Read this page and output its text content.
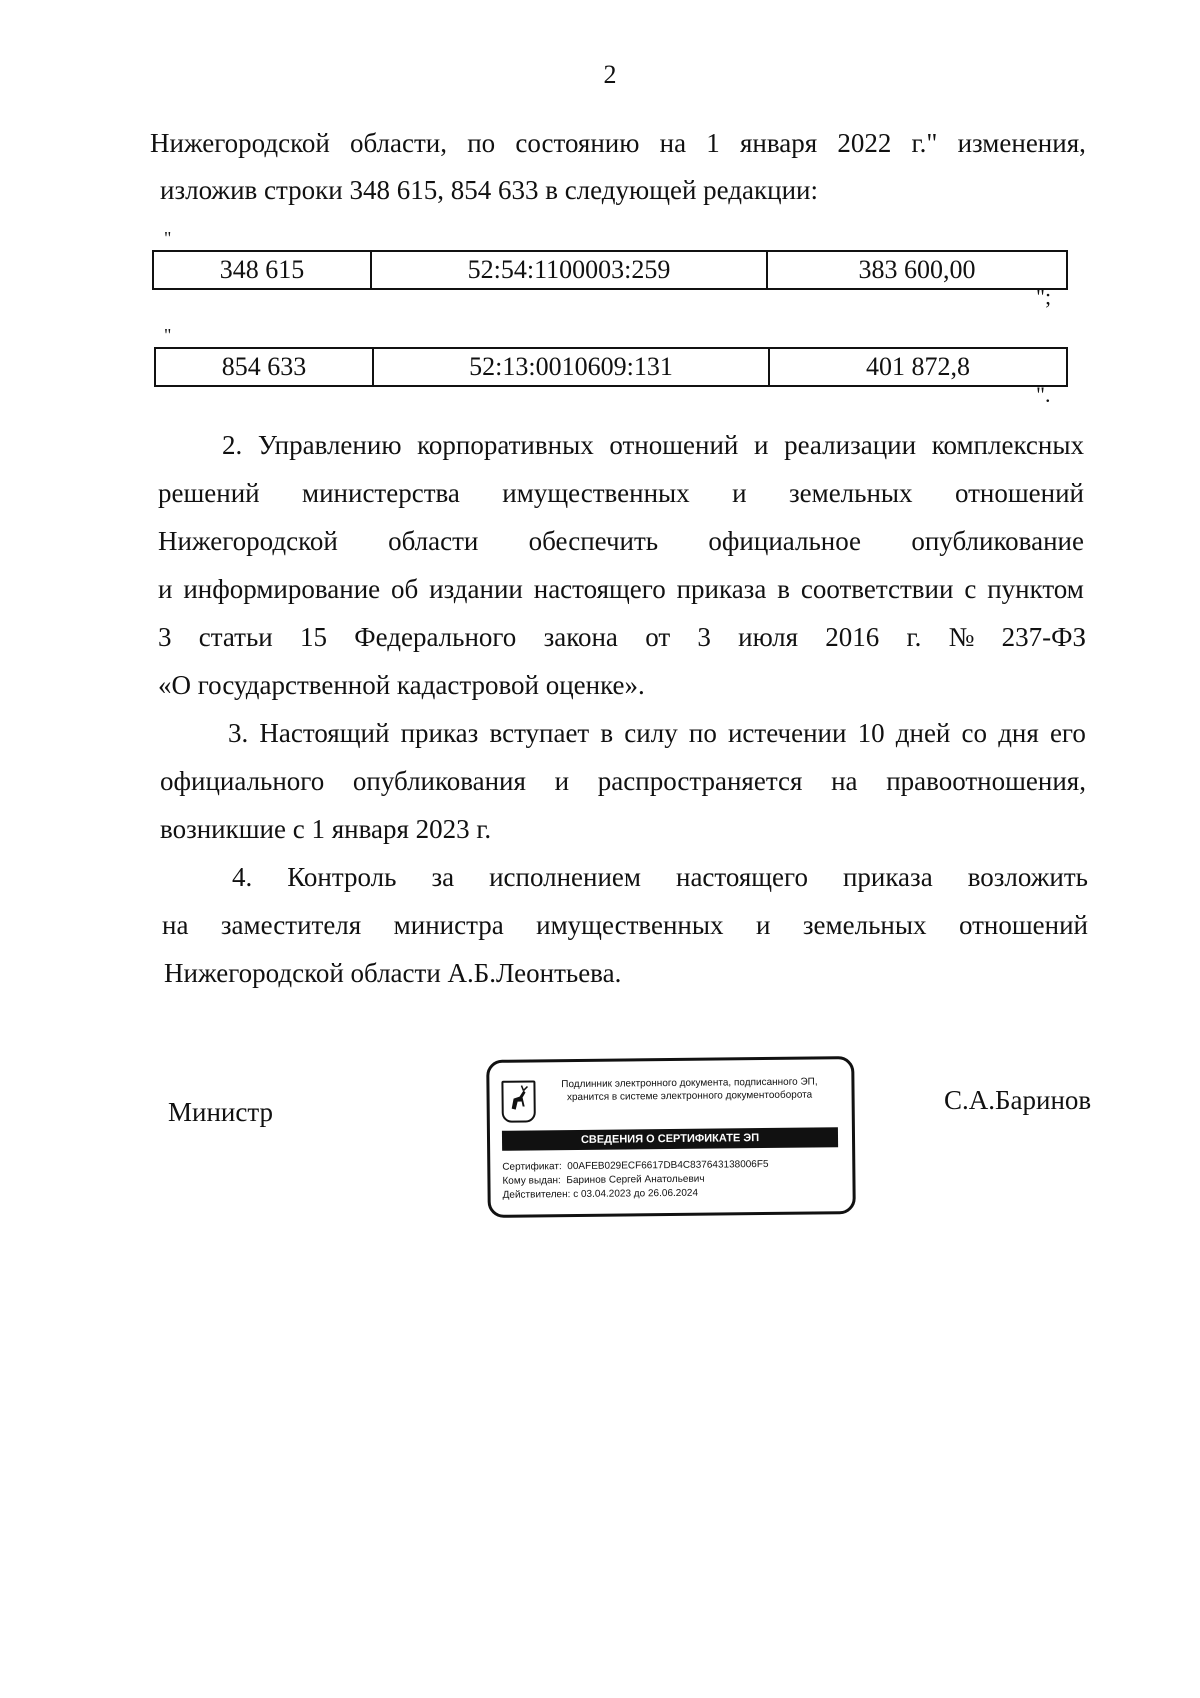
2
Нижегородской области, по состоянию на 1 января 2022 г." изменения,
изложив строки 348 615, 854 633 в следующей редакции:
"
348 615	52:54:1100003:259	383 600,00
";
"
854 633	52:13:0010609:131	401 872,8
".
2. Управлению корпоративных отношений и реализации комплексных
решений министерства имущественных и земельных отношений
Нижегородской области обеспечить официальное опубликование
и информирование об издании настоящего приказа в соответствии с пунктом
3 статьи 15 Федерального закона от 3 июля 2016 г. № 237-ФЗ
«О государственной кадастровой оценке».
3. Настоящий приказ вступает в силу по истечении 10 дней со дня его
официального опубликования и распространяется на правоотношения,
возникшие с 1 января 2023 г.
4. Контроль за исполнением настоящего приказа возложить
на заместителя министра имущественных и земельных отношений
Нижегородской области А.Б.Леонтьева.
Министр
Подлинник электронного документа, подписанного ЭП,
хранится в системе электронного документооборота
СВЕДЕНИЯ О СЕРТИФИКАТЕ ЭП
Сертификат: 00AFEB029ECF6617DB4C837643138006F5
Кому выдан: Баринов Сергей Анатольевич
Действителен: с 03.04.2023 до 26.06.2024
С.А.Баринов
